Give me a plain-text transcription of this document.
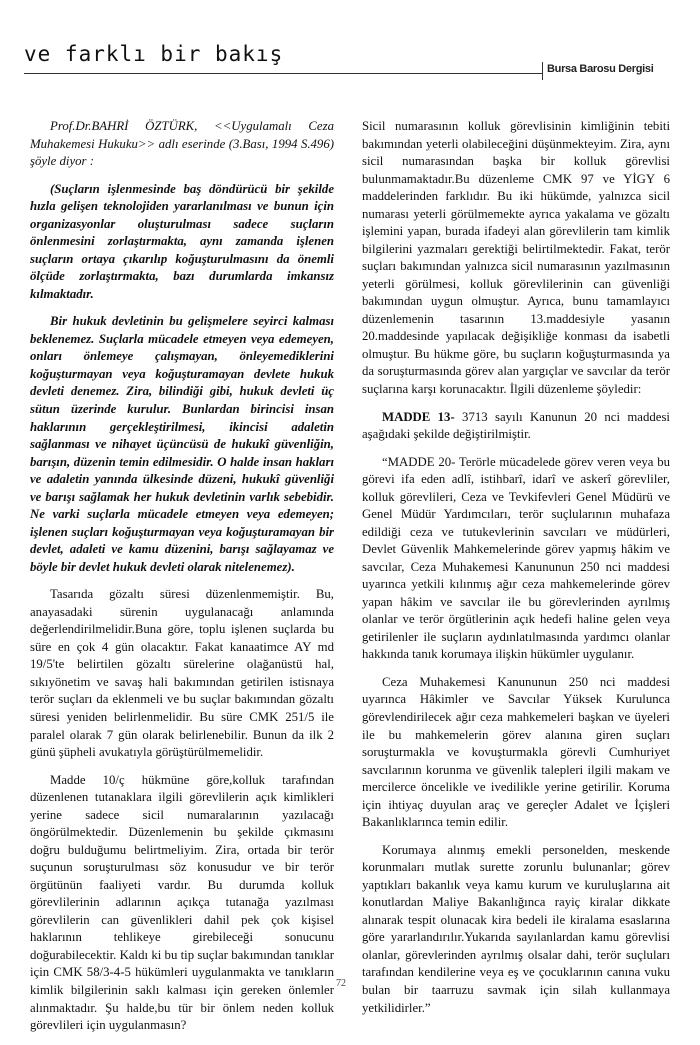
ve farklı bir bakış
Bursa Barosu Dergisi

Prof.Dr.BAHRİ ÖZTÜRK, <<Uygulamalı Ceza Muhakemesi Hukuku>> adlı eserinde (3.Bası, 1994 S.496) şöyle diyor :

(Suçların işlenmesinde baş döndürücü bir şekilde hızla gelişen teknolojiden yararlanılması ve bunun için organizasyonlar oluşturulması sadece suçların önlenmesini zorlaştırmakta, aynı zamanda işlenen suçların ortaya çıkarılıp koğuşturulmasını da önemli ölçüde zorlaştırmakta, bazı durumlarda imkansız kılmaktadır.

Bir hukuk devletinin bu gelişmelere seyirci kalması beklenemez. Suçlarla mücadele etmeyen veya edemeyen, onları önlemeye çalışmayan, önleyemediklerini koğuşturmayan veya koğuşturamayan devlete hukuk devleti denemez. Zira, bilindiği gibi, hukuk devleti üç sütun üzerinde kurulur. Bunlardan birincisi insan haklarının gerçekleştirilmesi, ikincisi adaletin sağlanması ve nihayet üçüncüsü de hukukî güvenliğin, barışın, düzenin temin edilmesidir. O halde insan hakları ve adaletin yanında ülkesinde düzeni, hukukî güvenliği ve barışı sağlamak her hukuk devletinin varlık sebebidir. Ne varki suçlarla mücadele etmeyen veya edemeyen; işlenen suçları koğuşturmayan veya koğuşturamayan bir devlet, adaleti ve kamu düzenini, barışı sağlayamaz ve böyle bir devlet hukuk devleti olarak nitelenemez).

Tasarıda gözaltı süresi düzenlenmemiştir. Bu, anayasadaki sürenin uygulanacağı anlamında değerlendirilmelidir.Buna göre, toplu işlenen suçlarda bu süre en çok 4 gün olacaktır. Fakat kanaatimce AY md 19/5'te belirtilen gözaltı sürelerine olağanüstü hal, sıkıyönetim ve savaş hali bakımından getirilen istisnaya terör suçları da eklenmeli ve bu suçlar bakımından gözaltı süresi yeniden belirlenmelidir. Bu süre CMK 251/5 ile paralel olarak 7 gün olarak belirlenebilir. Bunun da ilk 2 günü şüpheli avukatıyla görüştürülmemelidir.

Madde 10/ç hükmüne göre,kolluk tarafından düzenlenen tutanaklara ilgili görevlilerin açık kimlikleri yerine sadece sicil numaralarının yazılacağı öngörülmektedir. Düzenlemenin bu şekilde çıkmasını doğru bulduğumu belirtmeliyim. Zira, ortada bir terör suçunun soruşturulması söz konusudur ve bir terör örgütünün faaliyeti vardır. Bu durumda kolluk görevlilerinin adlarının açıkça tutanağa yazılması görevlilerin can güvenlikleri dahil pek çok kişisel haklarının tehlikeye girebileceği sonucunu doğurabilecektir. Kaldı ki bu tip suçlar bakımından tanıklar için CMK 58/3-4-5 hükümleri uygulanmakta ve tanıkların kimlik bilgilerinin saklı kalması için gereken önlemler alınmaktadır. Şu halde,bu tür bir önlem neden kolluk görevlileri için uygulanmasın?

Sicil numarasının kolluk görevlisinin kimliğinin tebiti bakımından yeterli olabileceğini düşünmekteyim. Zira, aynı sicil numarasından başka bir kolluk görevlisi bulunmamaktadır.Bu düzenleme CMK 97 ve YİGY 6 maddelerinden farklıdır. Bu iki hükümde, yalnızca sicil numarası yeterli görülmemekte ayrıca yakalama ve gözaltı işlemini yapan, burada ifadeyi alan görevlilerin tam kimlik bilgilerini yazmaları gerektiği belirtilmektedir. Fakat, terör suçları bakımından yalnızca sicil numarasının yazılmasının yeterli görülmesi, kolluk görevlilerinin can güvenliği bakımından uygun olmuştur. Ayrıca, bunu tamamlayıcı düzenlemenin tasarının 13.maddesiyle yasanın 20.maddesinde yapılacak değişikliğe konması da isabetli olmuştur. Bu hükme göre, bu suçların koğuşturmasında ya da soruşturmasında görev alan yargıçlar ve savcılar da terör suçlarına karşı korunacaktır. İlgili düzenleme şöyledir:

MADDE 13- 3713 sayılı Kanunun 20 nci maddesi aşağıdaki şekilde değiştirilmiştir.

“MADDE 20- Terörle mücadelede görev veren veya bu görevi ifa eden adlî, istihbarî, idarî ve askerî görevliler, kolluk görevlileri, Ceza ve Tevkifevleri Genel Müdürü ve Genel Müdür Yardımcıları, terör suçlularının muhafaza edildiği ceza ve tutukevlerinin savcıları ve müdürleri, Devlet Güvenlik Mahkemelerinde görev yapmış hâkim ve savcılar, Ceza Muhakemesi Kanununun 250 nci maddesi uyarınca yetkili kılınmış ağır ceza mahkemelerinde görev yapan hâkim ve savcılar ile bu görevlerinden ayrılmış olanlar ve terör örgütlerinin açık hedefi haline gelen veya getirilenler ile suçların aydınlatılmasında yardımcı olanlar hakkında tanık korumaya ilişkin hükümler uygulanır.

Ceza Muhakemesi Kanununun 250 nci maddesi uyarınca Hâkimler ve Savcılar Yüksek Kurulunca görevlendirilecek ağır ceza mahkemeleri başkan ve üyeleri ile bu mahkemelerin görev alanına giren suçları soruşturmakla ve kovuşturmakla görevli Cumhuriyet savcılarının korunma ve güvenlik talepleri ilgili makam ve mercilerce öncelikle ve ivedilikle yerine getirilir. Koruma için ihtiyaç duyulan araç ve gereçler Adalet ve İçişleri Bakanlıklarınca temin edilir.

Korumaya alınmış emekli personelden, meskende korunmaları mutlak surette zorunlu bulunanlar; görev yaptıkları bakanlık veya kamu kurum ve kuruluşlarına ait konutlardan Maliye Bakanlığınca rayiç kiralar dikkate alınarak tespit olunacak kira bedeli ile kiralama esaslarına göre yararlandırılır.Yukarıda sayılanlardan kamu görevlisi olanlar, görevlerinden ayrılmış olsalar dahi, terör suçluları tarafından kendilerine veya eş ve çocuklarının canına vuku bulan bir taarruzu savmak için silah kullanmaya yetkilidirler.”

72
